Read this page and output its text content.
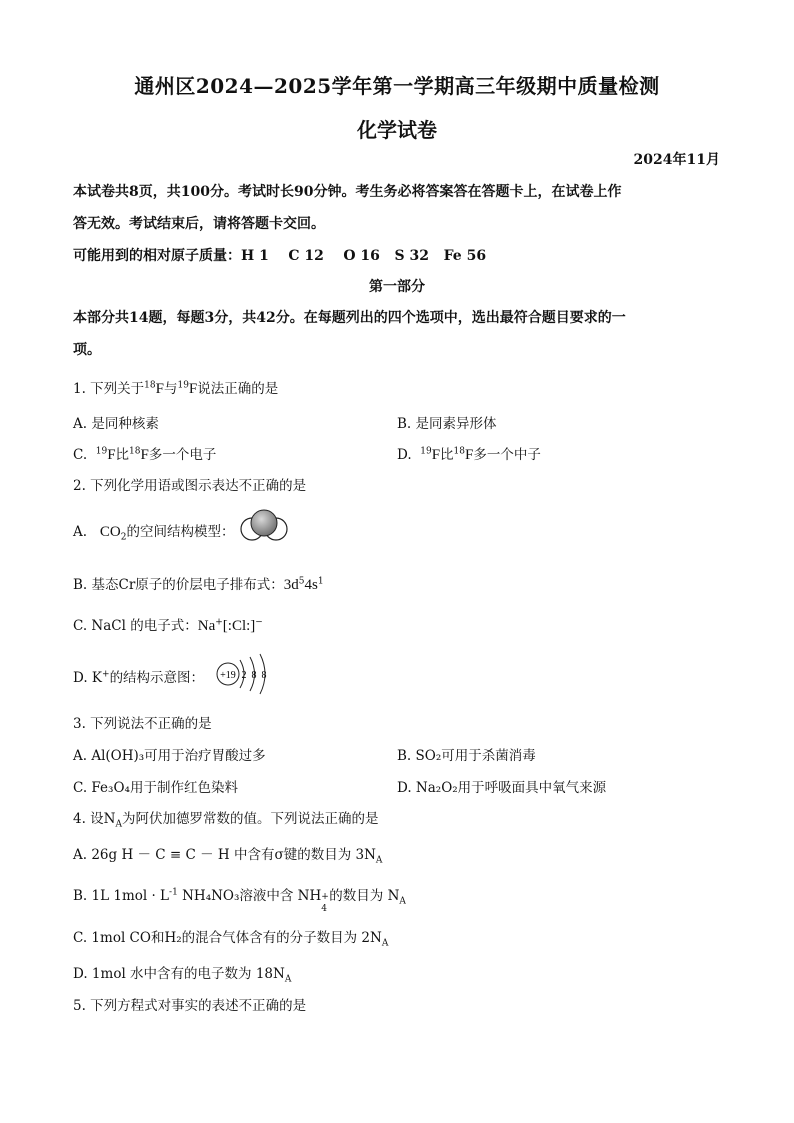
通州区2024—2025学年第一学期高三年级期中质量检测
化学试卷
2024年11月
本试卷共8页，共100分。考试时长90分钟。考生务必将答案答在答题卡上，在试卷上作
答无效。考试结束后，请将答题卡交回。
可能用到的相对原子质量：H 1 C 12 O 16 S 32 Fe 56
第一部分
本部分共14题，每题3分，共42分。在每题列出的四个选项中，选出最符合题目要求的一
项。
1. 下列关于$^{18}$F与$^{19}$F说法正确的是
A. 是同种核素	B. 是同素异形体
C. $^{19}$F比$^{18}$F多一个电子	D. $^{19}$F比$^{18}$F多一个中子
2. 下列化学用语或图示表达不正确的是
A. $CO_2$的空间结构模型：
B. 基态Cr原子的价层电子排布式：$3d^54s^1$
C. NaCl 的电子式：Na+[:Cl:]−
D. K+的结构示意图： +19 2 8 8
3. 下列说法不正确的是
A. Al(OH)₃可用于治疗胃酸过多	B. SO₂可用于杀菌消毒
C. Fe₃O₄用于制作红色染料	D. Na₂O₂用于呼吸面具中氧气来源
4. 设$N_A$为阿伏加德罗常数的值。下列说法正确的是
A. 26g H － C ≡ C － H 中含有σ键的数目为 $3N_A$
B. 1L $1mol \cdot L^{-1}$ NH₄NO₃溶液中含 NH +
4
的数目为 $N_A$
C. 1mol CO和H₂的混合气体含有的分子数目为 $2N_A$
D. 1mol 水中含有的电子数为 $18N_A$
5. 下列方程式对事实的表述不正确的是
